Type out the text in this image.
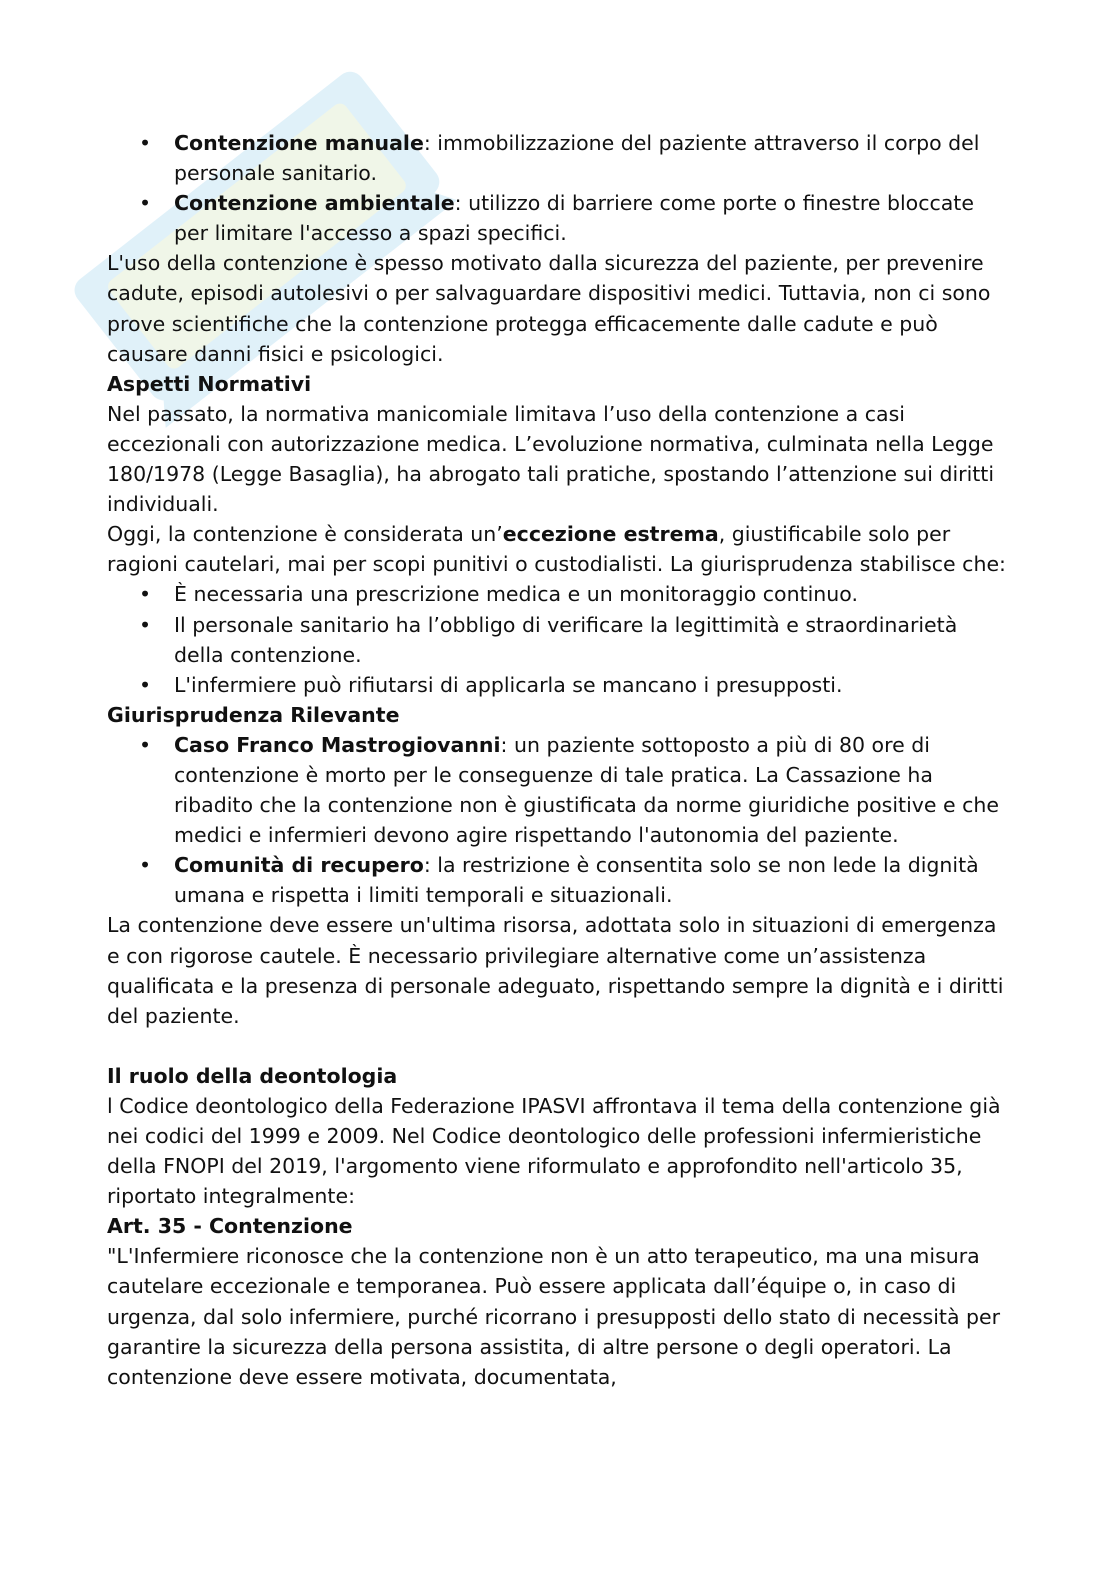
• Contenzione manuale: immobilizzazione del paziente attraverso il corpo del personale sanitario.
• Contenzione ambientale: utilizzo di barriere come porte o finestre bloccate per limitare l'accesso a spazi specifici.

L'uso della contenzione è spesso motivato dalla sicurezza del paziente, per prevenire cadute, episodi autolesivi o per salvaguardare dispositivi medici. Tuttavia, non ci sono prove scientifiche che la contenzione protegga efficacemente dalle cadute e può causare danni fisici e psicologici.

Aspetti Normativi

Nel passato, la normativa manicomiale limitava l’uso della contenzione a casi eccezionali con autorizzazione medica. L’evoluzione normativa, culminata nella Legge 180/1978 (Legge Basaglia), ha abrogato tali pratiche, spostando l’attenzione sui diritti individuali.

Oggi, la contenzione è considerata un’eccezione estrema, giustificabile solo per ragioni cautelari, mai per scopi punitivi o custodialisti. La giurisprudenza stabilisce che:

• È necessaria una prescrizione medica e un monitoraggio continuo.
• Il personale sanitario ha l’obbligo di verificare la legittimità e straordinarietà della contenzione.
• L'infermiere può rifiutarsi di applicarla se mancano i presupposti.
Giurisprudenza Rilevante
• Caso Franco Mastrogiovanni: un paziente sottoposto a più di 80 ore di contenzione è morto per le conseguenze di tale pratica. La Cassazione ha ribadito che la contenzione non è giustificata da norme giuridiche positive e che medici e infermieri devono agire rispettando l'autonomia del paziente.
• Comunità di recupero: la restrizione è consentita solo se non lede la dignità umana e rispetta i limiti temporali e situazionali.

La contenzione deve essere un'ultima risorsa, adottata solo in situazioni di emergenza e con rigorose cautele. È necessario privilegiare alternative come un’assistenza qualificata e la presenza di personale adeguato, rispettando sempre la dignità e i diritti del paziente.

Il ruolo della deontologia

l Codice deontologico della Federazione IPASVI affrontava il tema della contenzione già nei codici del 1999 e 2009. Nel Codice deontologico delle professioni infermieristiche della FNOPI del 2019, l'argomento viene riformulato e approfondito nell'articolo 35, riportato integralmente:

Art. 35 - Contenzione

"L'Infermiere riconosce che la contenzione non è un atto terapeutico, ma una misura cautelare eccezionale e temporanea. Può essere applicata dall’équipe o, in caso di urgenza, dal solo infermiere, purché ricorrano i presupposti dello stato di necessità per garantire la sicurezza della persona assistita, di altre persone o degli operatori. La contenzione deve essere motivata, documentata,
